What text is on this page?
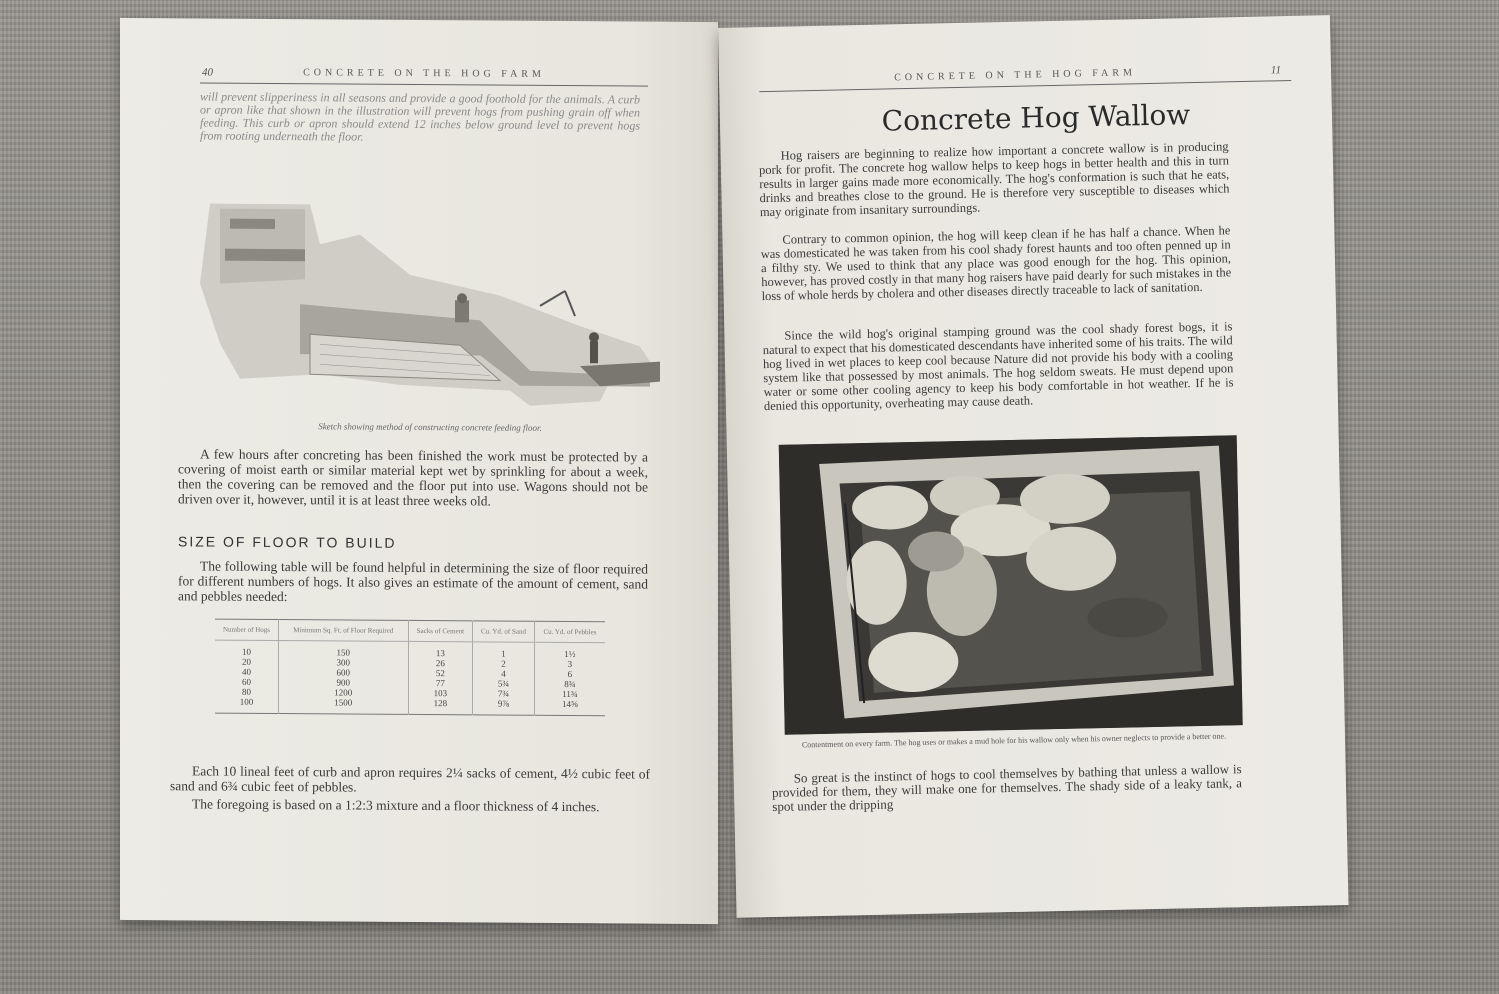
40	CONCRETE ON THE HOG FARM

will prevent slipperiness in all seasons and provide a good foothold for the animals. A curb or apron like that shown in the illustration will prevent hogs from pushing grain off when feeding. This curb or apron should extend 12 inches below ground level to prevent hogs from rooting underneath the floor.

Sketch showing method of constructing concrete feeding floor.

A few hours after concreting has been finished the work must be protected by a covering of moist earth or similar material kept wet by sprinkling for about a week, then the covering can be removed and the floor put into use. Wagons should not be driven over it, however, until it is at least three weeks old.

SIZE OF FLOOR TO BUILD

The following table will be found helpful in determining the size of floor required for different numbers of hogs. It also gives an estimate of the amount of cement, sand and pebbles needed:

Number of Hogs	Minimum Sq. Ft. of Floor Required	Sacks of Cement	Cu. Yd. of Sand	Cu. Yd. of Pebbles
10	150	13	1	1½
20	300	26	2	3
40	600	52	4	6
60	900	77	5¾	8¾
80	1200	103	7¾	11¾
100	1500	128	9⅞	14⅝

Each 10 lineal feet of curb and apron requires 2¼ sacks of cement, 4½ cubic feet of sand and 6¾ cubic feet of pebbles.

The foregoing is based on a 1:2:3 mixture and a floor thickness of 4 inches.

CONCRETE ON THE HOG FARM	11
Concrete Hog Wallow

Hog raisers are beginning to realize how important a concrete wallow is in producing pork for profit. The concrete hog wallow helps to keep hogs in better health and this in turn results in larger gains made more economically. The hog's conformation is such that he eats, drinks and breathes close to the ground. He is therefore very susceptible to diseases which may originate from insanitary surroundings.

Contrary to common opinion, the hog will keep clean if he has half a chance. When he was domesticated he was taken from his cool shady forest haunts and too often penned up in a filthy sty. We used to think that any place was good enough for the hog. This opinion, however, has proved costly in that many hog raisers have paid dearly for such mistakes in the loss of whole herds by cholera and other diseases directly traceable to lack of sanitation.

Since the wild hog's original stamping ground was the cool shady forest bogs, it is natural to expect that his domesticated descendants have inherited some of his traits. The wild hog lived in wet places to keep cool because Nature did not provide his body with a cooling system like that possessed by most animals. The hog seldom sweats. He must depend upon water or some other cooling agency to keep his body comfortable in hot weather. If he is denied this opportunity, overheating may cause death.

Contentment on every farm. The hog uses or makes a mud hole for his wallow only when his owner neglects to provide a better one.

So great is the instinct of hogs to cool themselves by bathing that unless a wallow is provided for them, they will make one for themselves. The shady side of a leaky tank, a spot under the dripping
